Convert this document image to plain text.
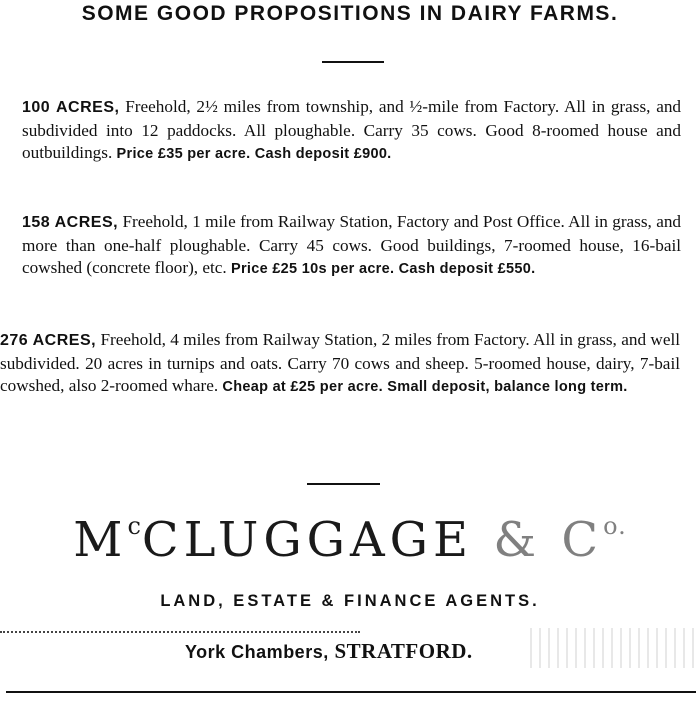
SOME GOOD PROPOSITIONS IN DAIRY FARMS.
100 ACRES, Freehold, 2½ miles from township, and ½-mile from Factory. All in grass, and subdivided into 12 paddocks. All ploughable. Carry 35 cows. Good 8-roomed house and outbuildings. Price £35 per acre. Cash deposit £900.
158 ACRES, Freehold, 1 mile from Railway Station, Factory and Post Office. All in grass, and more than one-half ploughable. Carry 45 cows. Good buildings, 7-roomed house, 16-bail cowshed (concrete floor), etc. Price £25 10s per acre. Cash deposit £550.
276 ACRES, Freehold, 4 miles from Railway Station, 2 miles from Factory. All in grass, and well subdivided. 20 acres in turnips and oats. Carry 70 cows and sheep. 5-roomed house, dairy, 7-bail cowshed, also 2-roomed whare. Cheap at £25 per acre. Small deposit, balance long term.
$M^cCLUGGAGE$ & $C^{o.}$
LAND, ESTATE & FINANCE AGENTS.
York Chambers, STRATFORD.
